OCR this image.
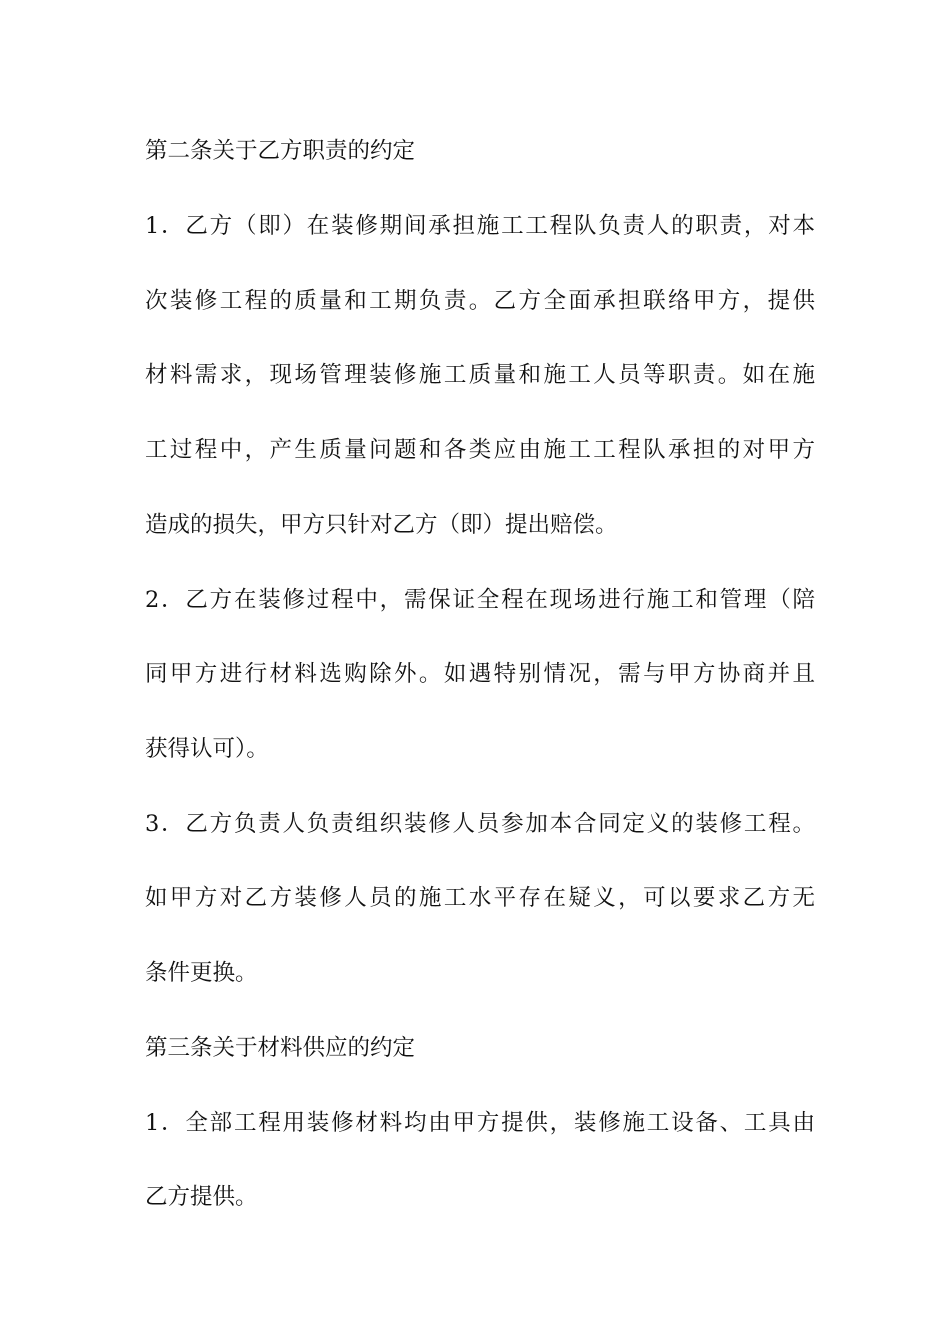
第二条关于乙方职责的约定
1．乙方（即）在装修期间承担施工工程队负责人的职责，对本
次装修工程的质量和工期负责。乙方全面承担联络甲方，提供
材料需求，现场管理装修施工质量和施工人员等职责。如在施
工过程中，产生质量问题和各类应由施工工程队承担的对甲方
造成的损失，甲方只针对乙方（即）提出赔偿。
2．乙方在装修过程中，需保证全程在现场进行施工和管理（陪
同甲方进行材料选购除外。如遇特别情况，需与甲方协商并且
获得认可）。
3．乙方负责人负责组织装修人员参加本合同定义的装修工程。
如甲方对乙方装修人员的施工水平存在疑义，可以要求乙方无
条件更换。
第三条关于材料供应的约定
1．全部工程用装修材料均由甲方提供，装修施工设备、工具由
乙方提供。
